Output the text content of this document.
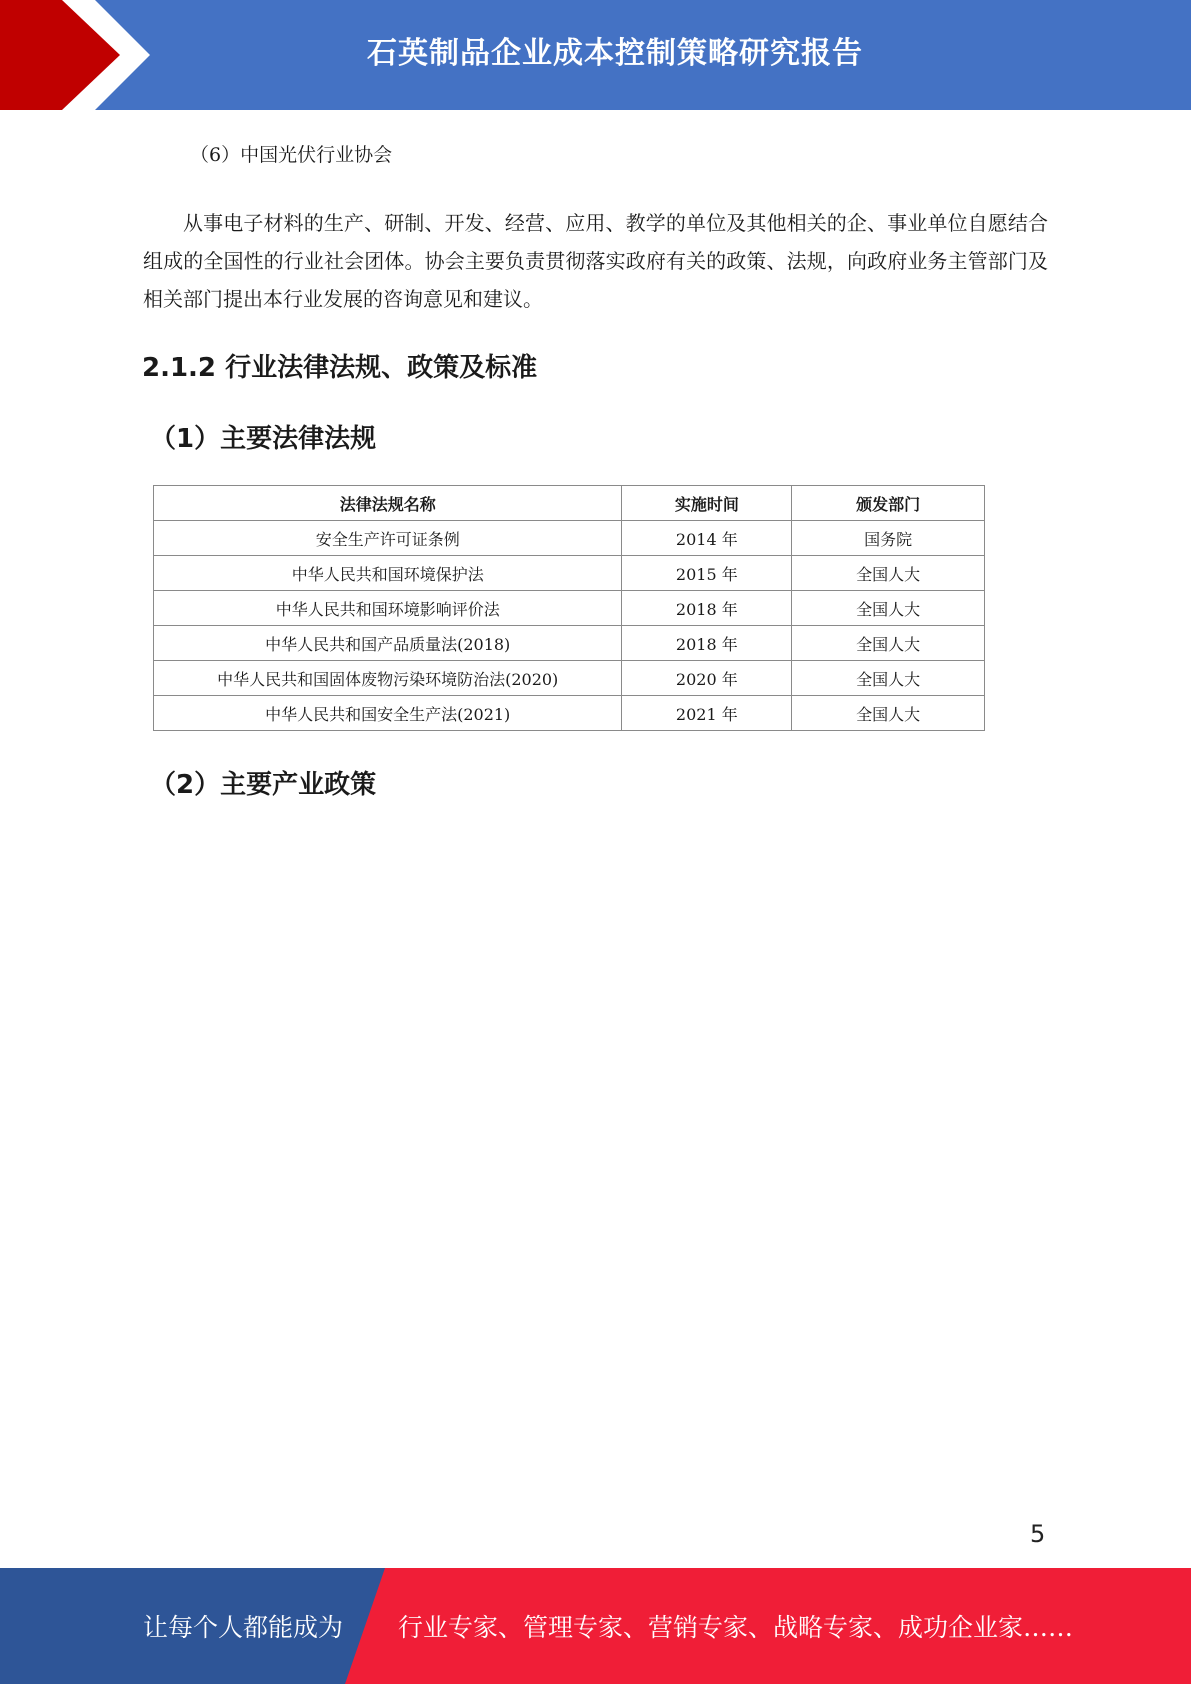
石英制品企业成本控制策略研究报告
（6）中国光伏行业协会

从事电子材料的生产、研制、开发、经营、应用、教学的单位及其他相关的企、事业单位自愿结合组成的全国性的行业社会团体。协会主要负责贯彻落实政府有关的政策、法规，向政府业务主管部门及相关部门提出本行业发展的咨询意见和建议。

2.1.2 行业法律法规、政策及标准
（1）主要法律法规
法律法规名称	实施时间	颁发部门
安全生产许可证条例	2014 年	国务院
中华人民共和国环境保护法	2015 年	全国人大
中华人民共和国环境影响评价法	2018 年	全国人大
中华人民共和国产品质量法(2018)	2018 年	全国人大
中华人民共和国固体废物污染环境防治法(2020)	2020 年	全国人大
中华人民共和国安全生产法(2021)	2021 年	全国人大
（2）主要产业政策
5
让每个人都能成为 行业专家、管理专家、营销专家、战略专家、成功企业家……
